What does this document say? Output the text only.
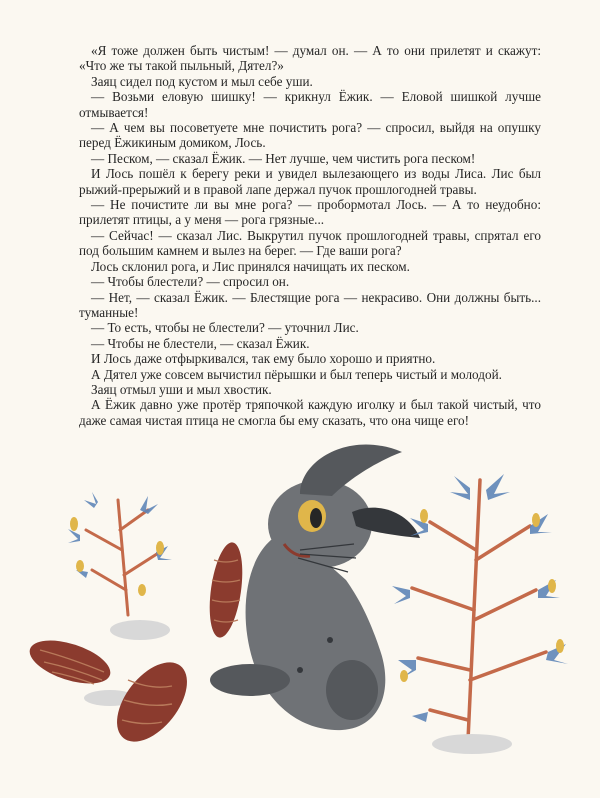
«Я тоже должен быть чистым! — думал он. — А то они прилетят и скажут: «Что же ты такой пыльный, Дятел?»

Заяц сидел под кустом и мыл себе уши.

— Возьми еловую шишку! — крикнул Ёжик. — Еловой шишкой лучше отмывается!

— А чем вы посоветуете мне почистить рога? — спросил, выйдя на опушку перед Ёжикиным домиком, Лось.

— Песком, — сказал Ёжик. — Нет лучше, чем чистить рога песком!

И Лось пошёл к берегу реки и увидел вылезающего из воды Лиса. Лис был рыжий-прерыжий и в правой лапе держал пучок прошлогодней травы.

— Не почистите ли вы мне рога? — пробормотал Лось. — А то неудобно: прилетят птицы, а у меня — рога грязные...

— Сейчас! — сказал Лис. Выкрутил пучок прошлогодней травы, спрятал его под большим камнем и вылез на берег. — Где ваши рога?

Лось склонил рога, и Лис принялся начищать их песком.

— Чтобы блестели? — спросил он.

— Нет, — сказал Ёжик. — Блестящие рога — некрасиво. Они должны быть... туманные!

— То есть, чтобы не блестели? — уточнил Лис.

— Чтобы не блестели, — сказал Ёжик.

И Лось даже отфыркивался, так ему было хорошо и приятно.

А Дятел уже совсем вычистил пёрышки и был теперь чистый и молодой.

Заяц отмыл уши и мыл хвостик.

А Ёжик давно уже протёр тряпочкой каждую иголку и был такой чистый, что даже самая чистая птица не смогла бы ему сказать, что она чище его!
